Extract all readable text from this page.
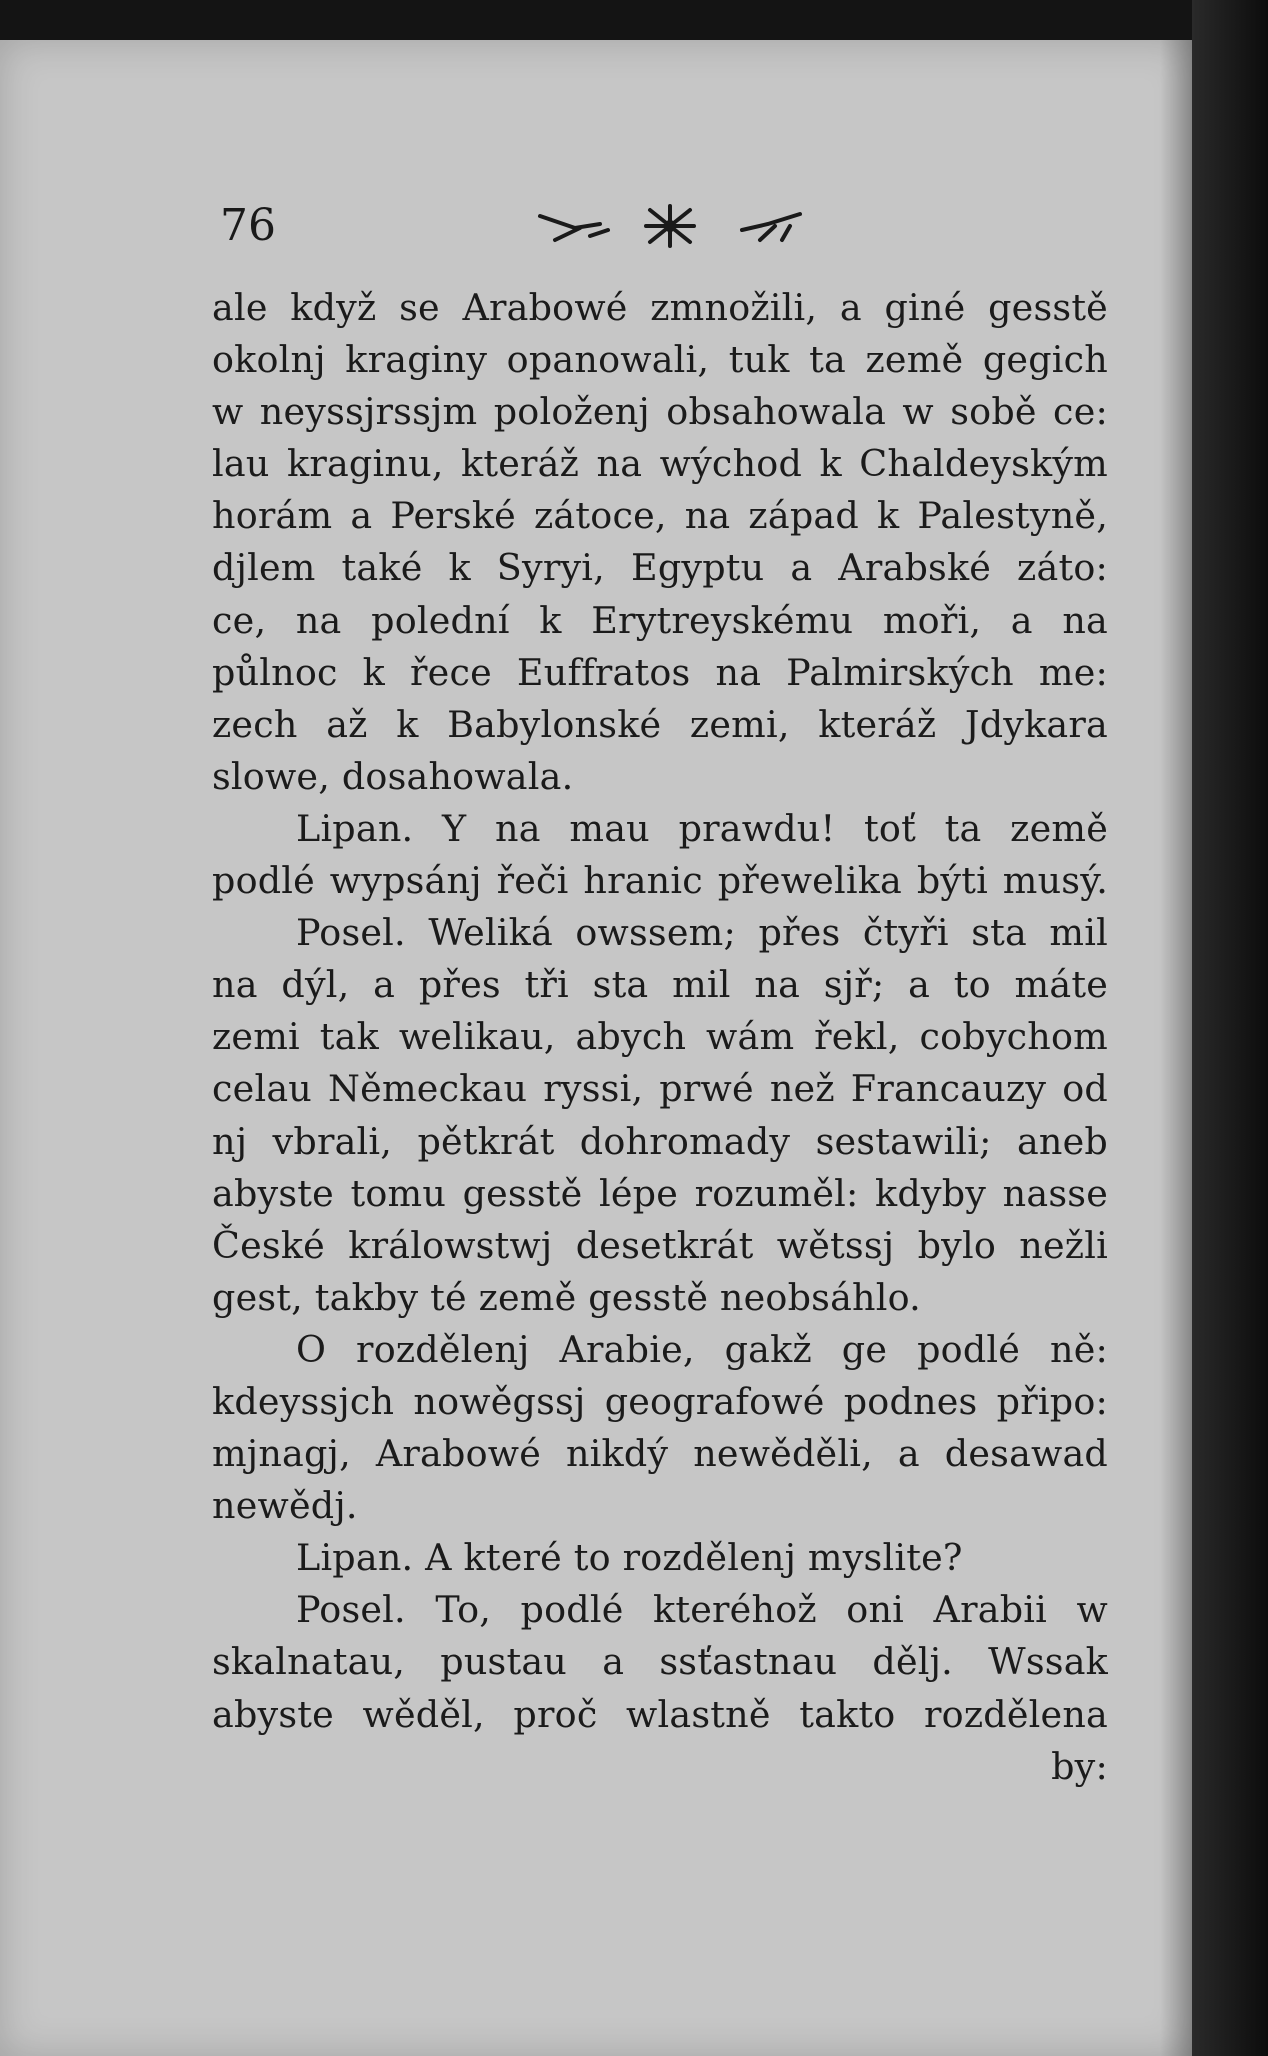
76
ale když se Arabowé zmnožili, a giné gesstě
okolnj kraginy opanowali, tuk ta země gegich
w neyssjrssjm položenj obsahowala w sobě ce:
lau kraginu, kteráž na wýchod k Chaldeyským
horám a Perské zátoce, na západ k Palestyně,
djlem také k Syryi, Egyptu a Arabské záto:
ce, na polední k Erytreyskému moři, a na
půlnoc k řece Euffratos na Palmirských me:
zech až k Babylonské zemi, kteráž Jdykara
slowe, dosahowala.
Lipan. Y na mau prawdu! toť ta země
podlé wypsánj řeči hranic přewelika býti musý.
Posel. Weliká owssem; přes čtyři sta mil
na dýl, a přes tři sta mil na sjř; a to máte
zemi tak welikau, abych wám řekl, cobychom
celau Německau ryssi, prwé než Francauzy od
nj vbrali, pětkrát dohromady sestawili; aneb
abyste tomu gesstě lépe rozuměl: kdyby nasse
České králowstwj desetkrát wětssj bylo nežli
gest, takby té země gesstě neobsáhlo.
O rozdělenj Arabie, gakž ge podlé ně:
kdeyssjch nowěgssj geografowé podnes připo:
mjnagj, Arabowé nikdý newěděli, a desawad
newědj.
Lipan. A které to rozdělenj myslite?
Posel. To, podlé kteréhož oni Arabii w
skalnatau, pustau a ssťastnau dělj. Wssak
abyste wěděl, proč wlastně takto rozdělena
by:
